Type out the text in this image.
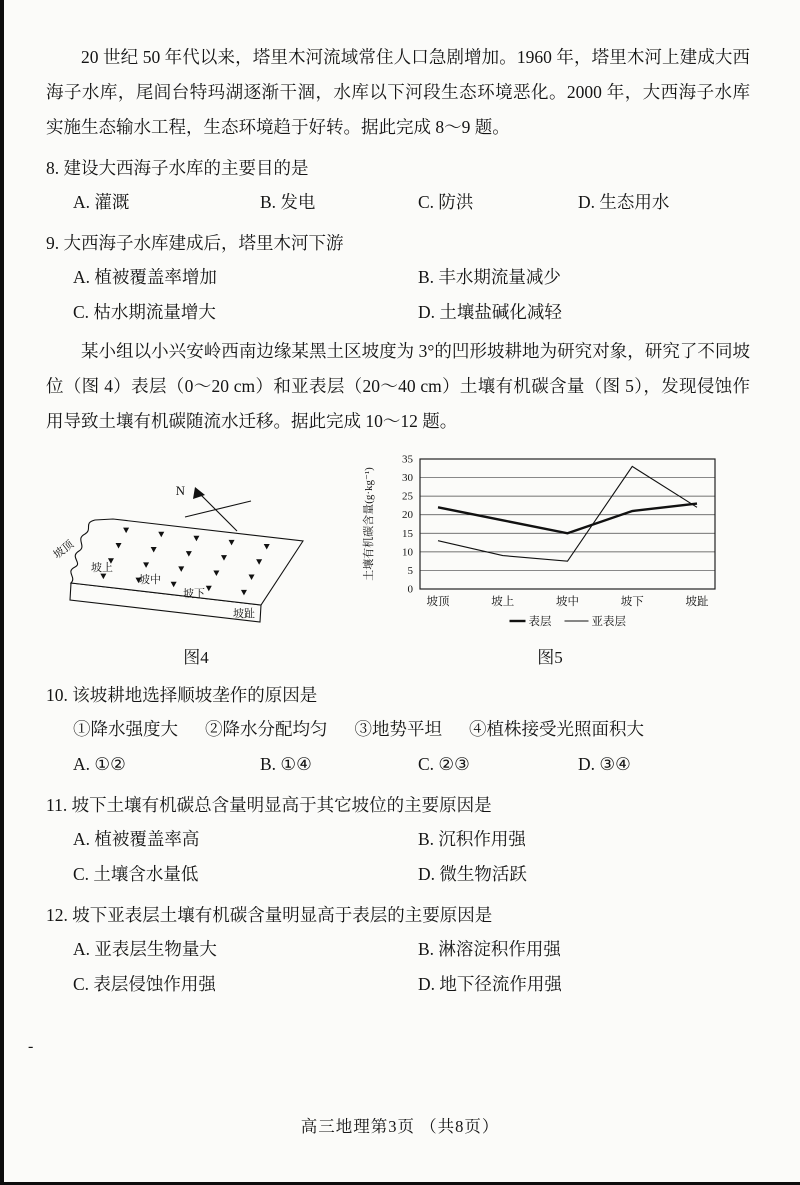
20 世纪 50 年代以来，塔里木河流域常住人口急剧增加。1960 年，塔里木河上建成大西海子水库，尾闾台特玛湖逐渐干涸，水库以下河段生态环境恶化。2000 年，大西海子水库实施生态输水工程，生态环境趋于好转。据此完成 8～9 题。

8. 建设大西海子水库的主要目的是
A. 灌溉	B. 发电	C. 防洪	D. 生态用水
9. 大西海子水库建成后，塔里木河下游
A. 植被覆盖率增加	B. 丰水期流量减少
C. 枯水期流量增大	D. 土壤盐碱化减轻

某小组以小兴安岭西南边缘某黑土区坡度为 3°的凹形坡耕地为研究对象，研究了不同坡位（图 4）表层（0～20 cm）和亚表层（20～40 cm）土壤有机碳含量（图 5），发现侵蚀作用导致土壤有机碳随流水迁移。据此完成 10～12 题。

N
坡顶
坡上
坡中
坡下
坡趾
图4
0
5
10
15
20
25
30
35
坡顶	坡上	坡中	坡下	坡趾
表层	亚表层
土壤有机碳含量(g·kg⁻¹)
图5
10. 该坡耕地选择顺坡垄作的原因是
①降水强度大 ②降水分配均匀 ③地势平坦 ④植株接受光照面积大
A. ①②	B. ①④	C. ②③	D. ③④
11. 坡下土壤有机碳总含量明显高于其它坡位的主要原因是
A. 植被覆盖率高	B. 沉积作用强
C. 土壤含水量低	D. 微生物活跃
12. 坡下亚表层土壤有机碳含量明显高于表层的主要原因是
A. 亚表层生物量大	B. 淋溶淀积作用强
C. 表层侵蚀作用强	D. 地下径流作用强
-
高三地理第3页 （共8页）
